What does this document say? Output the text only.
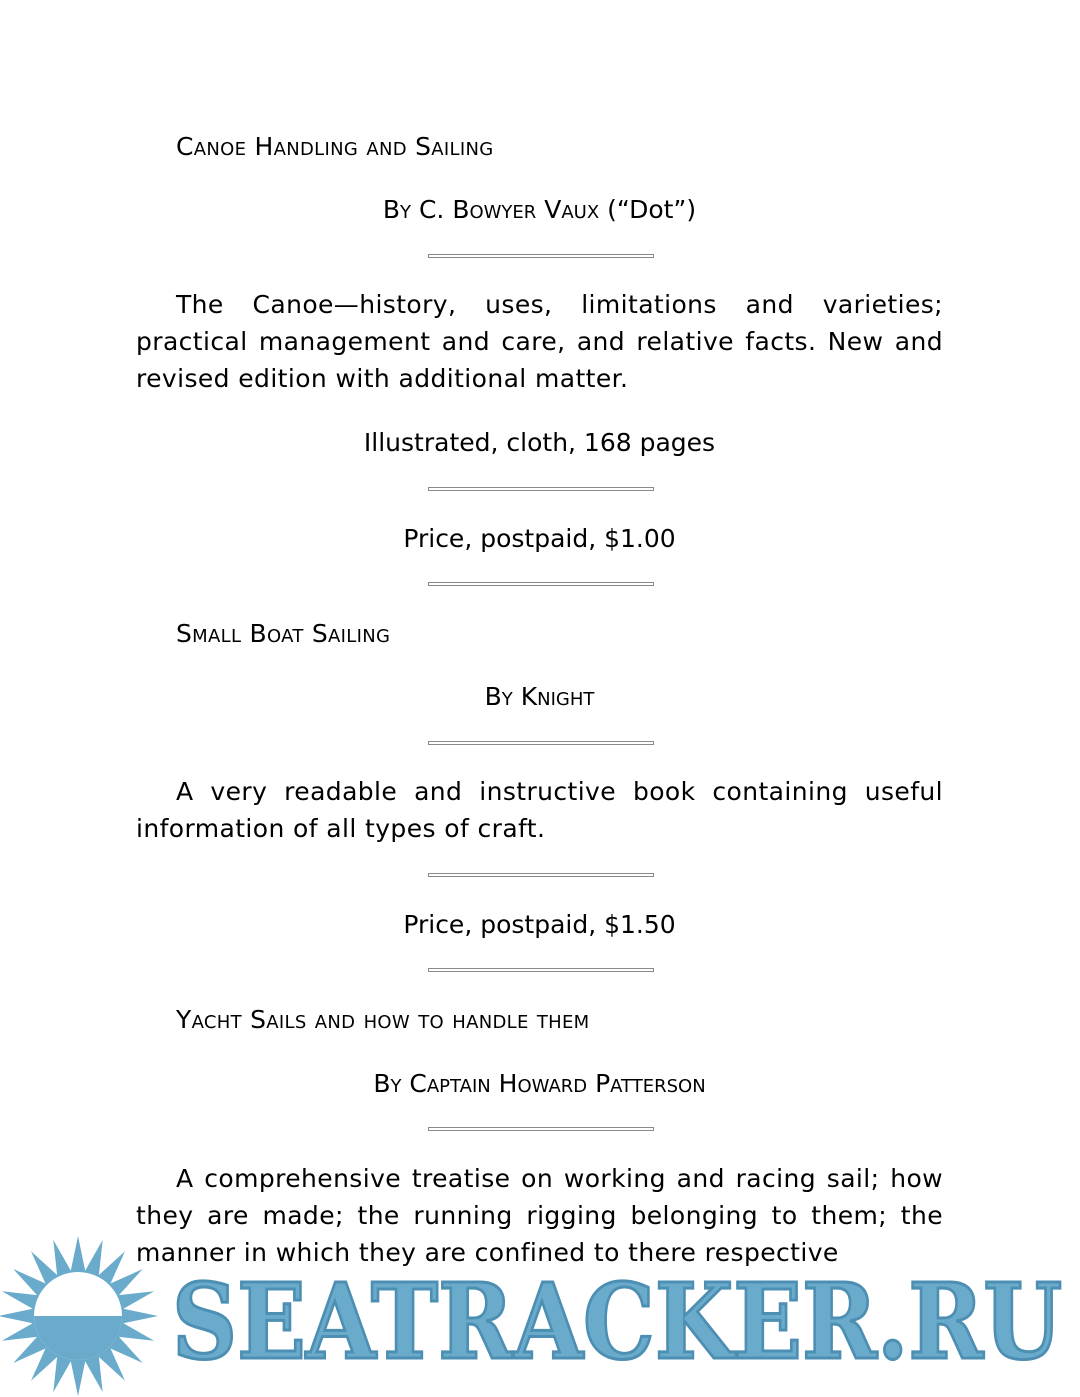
Canoe Handling and Sailing
By C. Bowyer Vaux (“Dot”)
The Canoe—history, uses, limitations and varieties; practical management and care, and relative facts. New and revised edition with additional matter.
Illustrated, cloth, 168 pages
Price, postpaid, $1.00
Small Boat Sailing
By Knight
A very readable and instructive book containing useful information of all types of craft.
Price, postpaid, $1.50
Yacht Sails and how to handle them
By Captain Howard Patterson
A comprehensive treatise on working and racing sail; how they are made; the running rigging belonging to them; the manner in which they are confined to there respective
SEATRACKER.RU
